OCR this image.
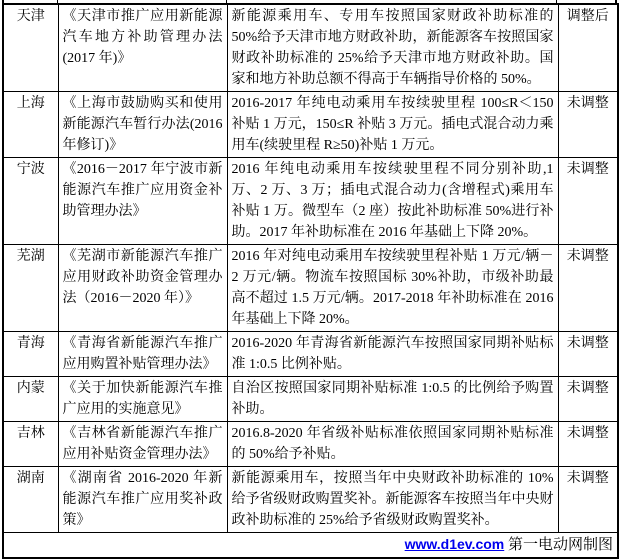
天津	《天津市推广应用新能源汽车地方补助管理办法(2017 年)》	新能源乘用车、专用车按照国家财政补助标准的 50%给予天津市地方财政补助，新能源客车按照国家财政补助标准的 25%给予天津市地方财政补助。国家和地方补助总额不得高于车辆指导价格的 50%。	调整后
上海	《上海市鼓励购买和使用新能源汽车暂行办法(2016 年修订)》	2016-2017 年纯电动乘用车按续驶里程 100≤R＜150 补贴 1 万元，150≤R 补贴 3 万元。插电式混合动力乘用车(续驶里程 R≥50)补贴 1 万元。	未调整
宁波	《2016－2017 年宁波市新能源汽车推广应用资金补助管理办法》	2016 年纯电动乘用车按续驶里程不同分别补助,1 万、2 万、3 万；插电式混合动力(含增程式)乘用车补贴 1 万。微型车（2 座）按此补助标准 50%进行补助。2017 年补助标准在 2016 年基础上下降 20%。	未调整
芜湖	《芜湖市新能源汽车推广应用财政补助资金管理办法（2016－2020 年）》	2016 年对纯电动乘用车按续驶里程补贴 1 万元/辆－2 万元/辆。物流车按照国标 30%补助，市级补助最高不超过 1.5 万元/辆。2017-2018 年补助标准在 2016 年基础上下降 20%。	未调整
青海	《青海省新能源汽车推广应用购置补贴管理办法》	2016-2020 年青海省新能源汽车按照国家同期补贴标准 1:0.5 比例补贴。	未调整
内蒙	《关于加快新能源汽车推广应用的实施意见》	自治区按照国家同期补贴标准 1:0.5 的比例给予购置补助。	未调整
吉林	《吉林省新能源汽车推广应用补贴资金管理办法》	2016.8-2020 年省级补贴标准依照国家同期补贴标准的 50%给予补贴。	未调整
湖南	《湖南省 2016-2020 年新能源汽车推广应用奖补政策》	新能源乘用车，按照当年中央财政补助标准的 10%给予省级财政购置奖补。新能源客车按照当年中央财政补助标准的 25%给予省级财政购置奖补。	未调整
www.d1ev.com 第一电动网制图			
